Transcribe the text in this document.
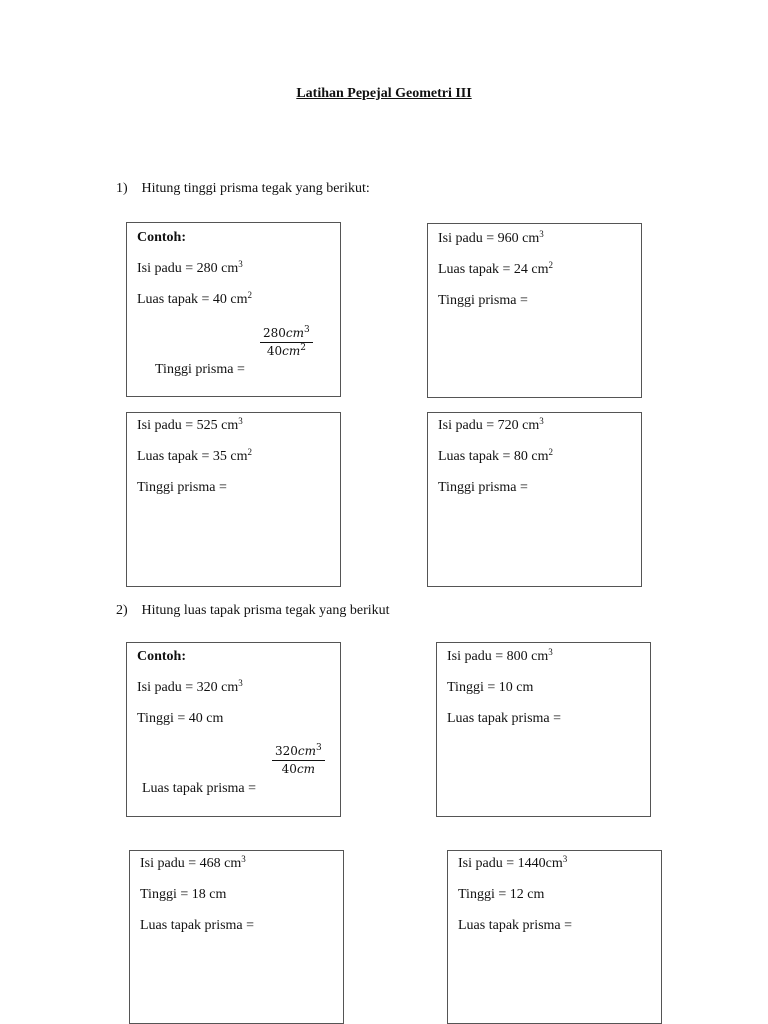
Latihan Pepejal Geometri III
1) Hitung tinggi prisma tegak yang berikut:
Contoh:
Isi padu = 280 $cm^3$
Luas tapak = 40 $cm^2$
$280cm^3$
$40cm^2$
Tinggi prisma =
Isi padu = 960 $cm^3$
Luas tapak = 24 $cm^2$
Tinggi prisma =
Isi padu = 525 $cm^3$
Luas tapak = 35 $cm^2$
Tinggi prisma =
Isi padu = 720 $cm^3$
Luas tapak = 80 $cm^2$
Tinggi prisma =
2) Hitung luas tapak prisma tegak yang berikut
Contoh:
Isi padu = 320 $cm^3$
Tinggi = 40 cm
$320cm^3$
40cm
Luas tapak prisma =
Isi padu = 800 $cm^3$
Tinggi = 10 cm
Luas tapak prisma =
Isi padu = 468 $cm^3$
Tinggi = 18 cm
Luas tapak prisma =
Isi padu = $1440cm^3$
Tinggi = 12 cm
Luas tapak prisma =
